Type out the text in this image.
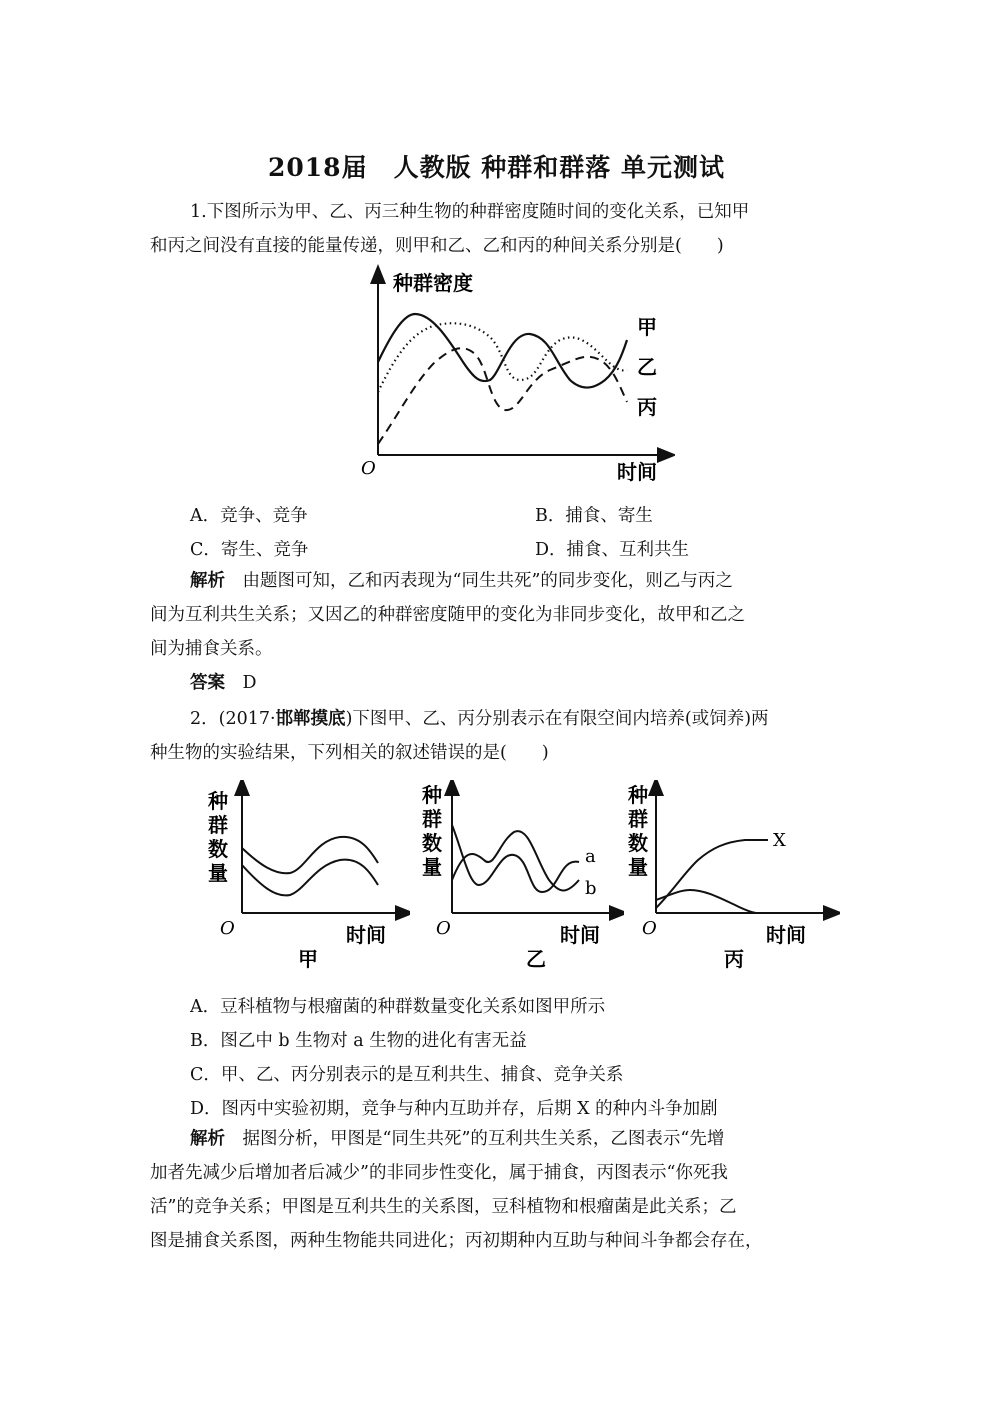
2018届　人教版 种群和群落 单元测试
1.下图所示为甲、乙、丙三种生物的种群密度随时间的变化关系，已知甲
和丙之间没有直接的能量传递，则甲和乙、乙和丙的种间关系分别是(　　)
种群密度
时间
O
甲
乙
丙
A．竞争、竞争	B．捕食、寄生
C．寄生、竞争	D．捕食、互利共生
解析　 由题图可知，乙和丙表现为“同生共死”的同步变化，则乙与丙之
间为互利共生关系；又因乙的种群密度随甲的变化为非同步变化，故甲和乙之
间为捕食关系。
答案　 D
2．(2017·邯郸摸底)下图甲、乙、丙分别表示在有限空间内培养(或饲养)两
种生物的实验结果，下列相关的叙述错误的是(　　)
种
群
数
量
O	时间
甲
种
群
数
量
O	时间
a
b
乙
种
群
数
量
O	时间
X
丙
A．豆科植物与根瘤菌的种群数量变化关系如图甲所示
B．图乙中 b 生物对 a 生物的进化有害无益
C．甲、乙、丙分别表示的是互利共生、捕食、竞争关系
D．图丙中实验初期，竞争与种内互助并存，后期 X 的种内斗争加剧
解析　 据图分析，甲图是“同生共死”的互利共生关系，乙图表示“先增
加者先减少后增加者后减少”的非同步性变化，属于捕食，丙图表示“你死我
活”的竞争关系；甲图是互利共生的关系图，豆科植物和根瘤菌是此关系；乙
图是捕食关系图，两种生物能共同进化；丙初期种内互助与种间斗争都会存在，
